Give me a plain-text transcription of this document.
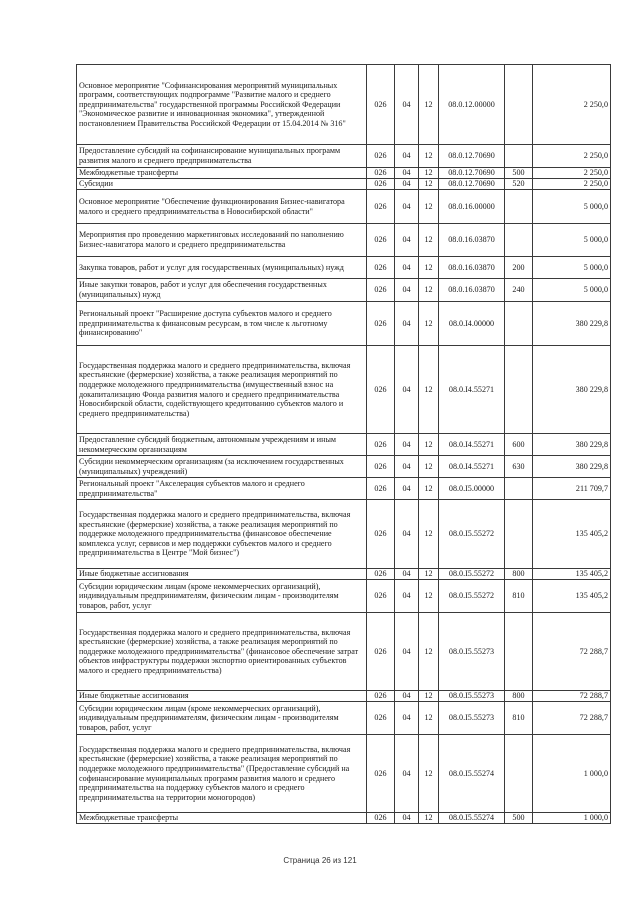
Основное мероприятие "Софинансирования мероприятий муниципальных программ, соответствующих подпрограмме "Развитие малого и среднего предпринимательства" государственной программы Российской Федерации "Экономическое развитие и инновационная экономика", утвержденной постановлением Правительства Российской Федерации от 15.04.2014 № 316"	026	04	12	08.0.12.00000		2 250,0
Предоставление субсидий на софинансирование муниципальных программ развития малого и среднего предпринимательства	026	04	12	08.0.12.70690		2 250,0
Межбюджетные трансферты	026	04	12	08.0.12.70690	500	2 250,0
Субсидии	026	04	12	08.0.12.70690	520	2 250,0
Основное мероприятие "Обеспечение функционирования Бизнес-навигатора малого и среднего предпринимательства в Новосибирской области"	026	04	12	08.0.16.00000		5 000,0
Мероприятия про проведению маркетинговых исследований по наполнению Бизнес-навигатора малого и среднего предпринимательства	026	04	12	08.0.16.03870		5 000,0
Закупка товаров, работ и услуг для государственных (муниципальных) нужд	026	04	12	08.0.16.03870	200	5 000,0
Иные закупки товаров, работ и услуг для обеспечения государственных (муниципальных) нужд	026	04	12	08.0.16.03870	240	5 000,0
Региональный проект "Расширение доступа субъектов малого и среднего предпринимательства к финансовым ресурсам, в том числе к льготному финансированию"	026	04	12	08.0.I4.00000		380 229,8
Государственная поддержка малого и среднего предпринимательства, включая крестьянские (фермерские) хозяйства, а также реализация мероприятий по поддержке молодежного предпринимательства (имущественный взнос на докапитализацию Фонда развития малого и среднего предпринимательства Новосибирской области, содействующего кредитованию субъектов малого и среднего предпринимательства)	026	04	12	08.0.I4.55271		380 229,8
Предоставление субсидий бюджетным, автономным учреждениям и иным некоммерческим организациям	026	04	12	08.0.I4.55271	600	380 229,8
Субсидии некоммерческим организациям (за исключением государственных (муниципальных) учреждений)	026	04	12	08.0.I4.55271	630	380 229,8
Региональный проект "Акселерация субъектов малого и среднего предпринимательства"	026	04	12	08.0.I5.00000		211 709,7
Государственная поддержка малого и среднего предпринимательства, включая крестьянские (фермерские) хозяйства, а также реализация мероприятий по поддержке молодежного предпринимательства (финансовое обеспечение комплекса услуг, сервисов и мер поддержки субъектов малого и среднего предпринимательства в Центре "Мой бизнес")	026	04	12	08.0.I5.55272		135 405,2
Иные бюджетные ассигнования	026	04	12	08.0.I5.55272	800	135 405,2
Субсидии юридическим лицам (кроме некоммерческих организаций), индивидуальным предпринимателям, физическим лицам - производителям товаров, работ, услуг	026	04	12	08.0.I5.55272	810	135 405,2
Государственная поддержка малого и среднего предпринимательства, включая крестьянские (фермерские) хозяйства, а также реализация мероприятий по поддержке молодежного предпринимательства" (финансовое обеспечение затрат объектов инфраструктуры поддержки экспортно ориентированных субъектов малого и среднего предпринимательства)	026	04	12	08.0.I5.55273		72 288,7
Иные бюджетные ассигнования	026	04	12	08.0.I5.55273	800	72 288,7
Субсидии юридическим лицам (кроме некоммерческих организаций), индивидуальным предпринимателям, физическим лицам - производителям товаров, работ, услуг	026	04	12	08.0.I5.55273	810	72 288,7
Государственная поддержка малого и среднего предпринимательства, включая крестьянские (фермерские) хозяйства, а также реализация мероприятий по поддержке молодежного предпринимательства" (Предоставление субсидий на софинансирование муниципальных программ развития малого и среднего предпринимательства на поддержку субъектов малого и среднего предпринимательства на территории моногородов)	026	04	12	08.0.I5.55274		1 000,0
Межбюджетные трансферты	026	04	12	08.0.I5.55274	500	1 000,0
Страница 26 из 121
